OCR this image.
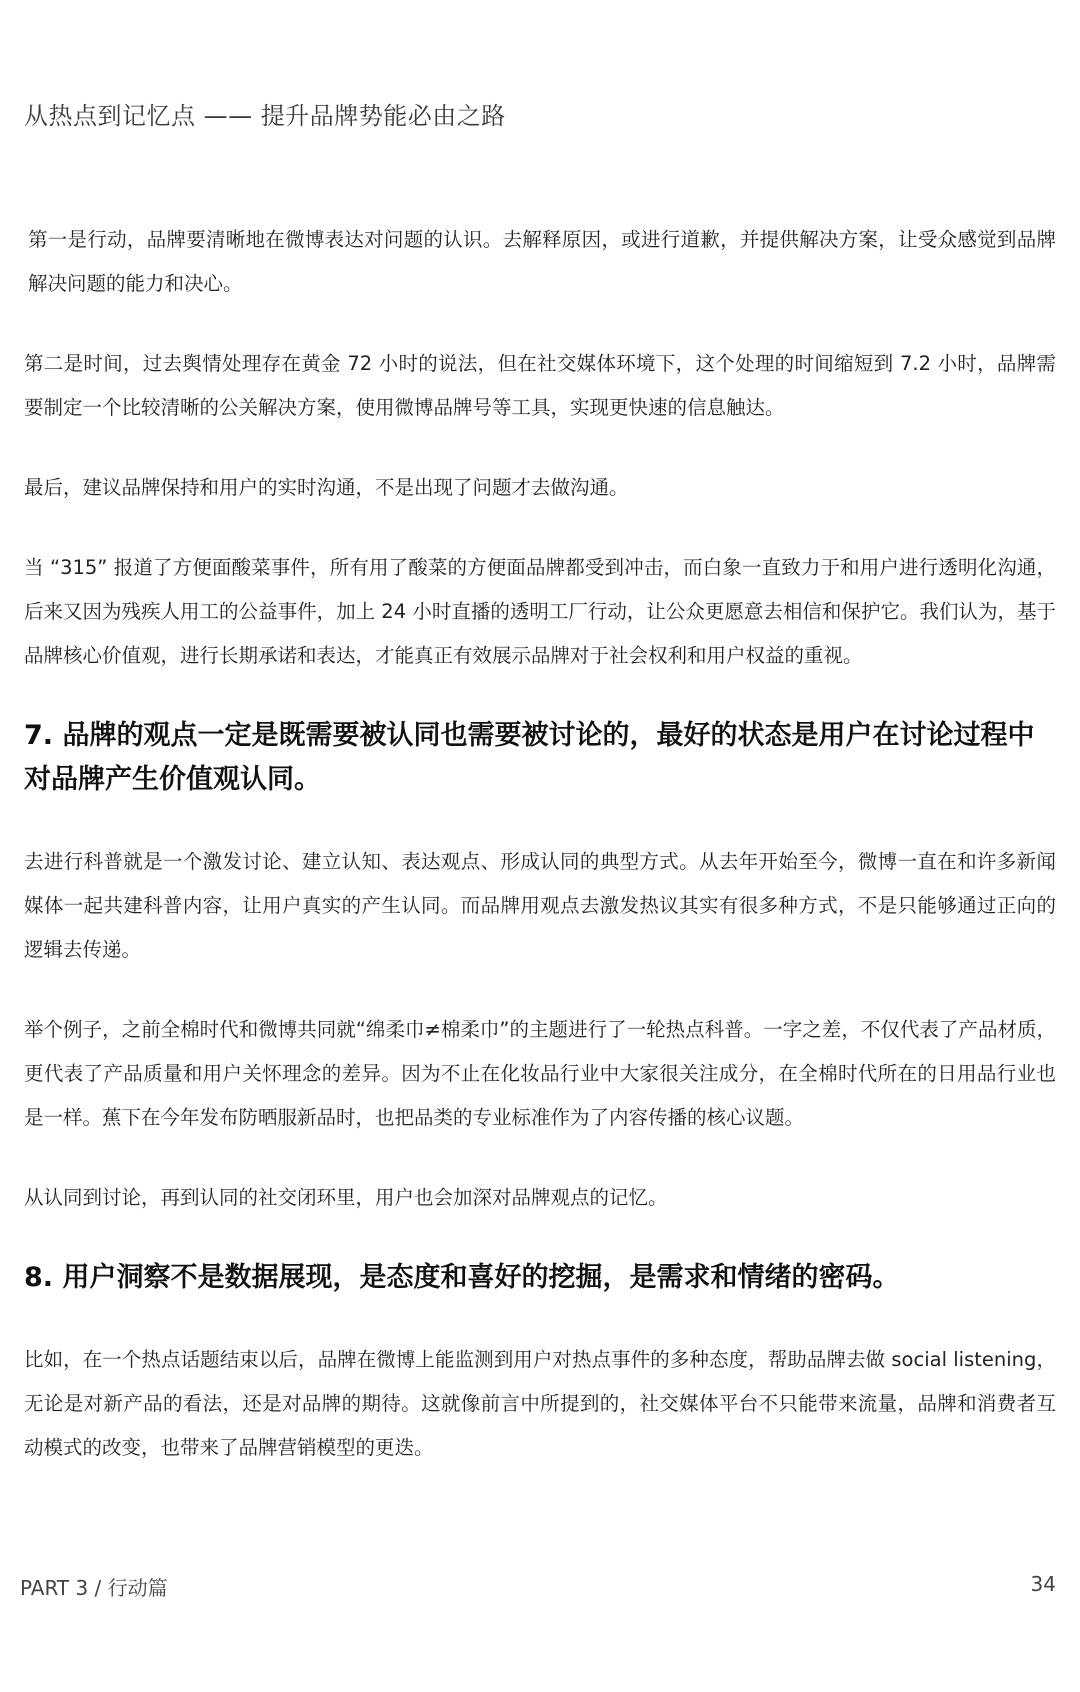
从热点到记忆点 —— 提升品牌势能必由之路

第一是行动，品牌要清晰地在微博表达对问题的认识。去解释原因，或进行道歉，并提供解决方案，让受众感觉到品牌解决问题的能力和决心。

第二是时间，过去舆情处理存在黄金 72 小时的说法，但在社交媒体环境下，这个处理的时间缩短到 7.2 小时，品牌需要制定一个比较清晰的公关解决方案，使用微博品牌号等工具，实现更快速的信息触达。

最后，建议品牌保持和用户的实时沟通，不是出现了问题才去做沟通。

当 “315” 报道了方便面酸菜事件，所有用了酸菜的方便面品牌都受到冲击，而白象一直致力于和用户进行透明化沟通，后来又因为残疾人用工的公益事件，加上 24 小时直播的透明工厂行动，让公众更愿意去相信和保护它。我们认为，基于品牌核心价值观，进行长期承诺和表达，才能真正有效展示品牌对于社会权利和用户权益的重视。

7. 品牌的观点一定是既需要被认同也需要被讨论的，最好的状态是用户在讨论过程中对品牌产生价值观认同。

去进行科普就是一个激发讨论、建立认知、表达观点、形成认同的典型方式。从去年开始至今，微博一直在和许多新闻媒体一起共建科普内容，让用户真实的产生认同。而品牌用观点去激发热议其实有很多种方式，不是只能够通过正向的逻辑去传递。

举个例子，之前全棉时代和微博共同就“绵柔巾≠棉柔巾”的主题进行了一轮热点科普。一字之差，不仅代表了产品材质，更代表了产品质量和用户关怀理念的差异。因为不止在化妆品行业中大家很关注成分，在全棉时代所在的日用品行业也是一样。蕉下在今年发布防晒服新品时，也把品类的专业标准作为了内容传播的核心议题。

从认同到讨论，再到认同的社交闭环里，用户也会加深对品牌观点的记忆。

8. 用户洞察不是数据展现，是态度和喜好的挖掘，是需求和情绪的密码。

比如，在一个热点话题结束以后，品牌在微博上能监测到用户对热点事件的多种态度，帮助品牌去做 social listening，无论是对新产品的看法，还是对品牌的期待。这就像前言中所提到的，社交媒体平台不只能带来流量，品牌和消费者互动模式的改变，也带来了品牌营销模型的更迭。

PART 3 / 行动篇	34
